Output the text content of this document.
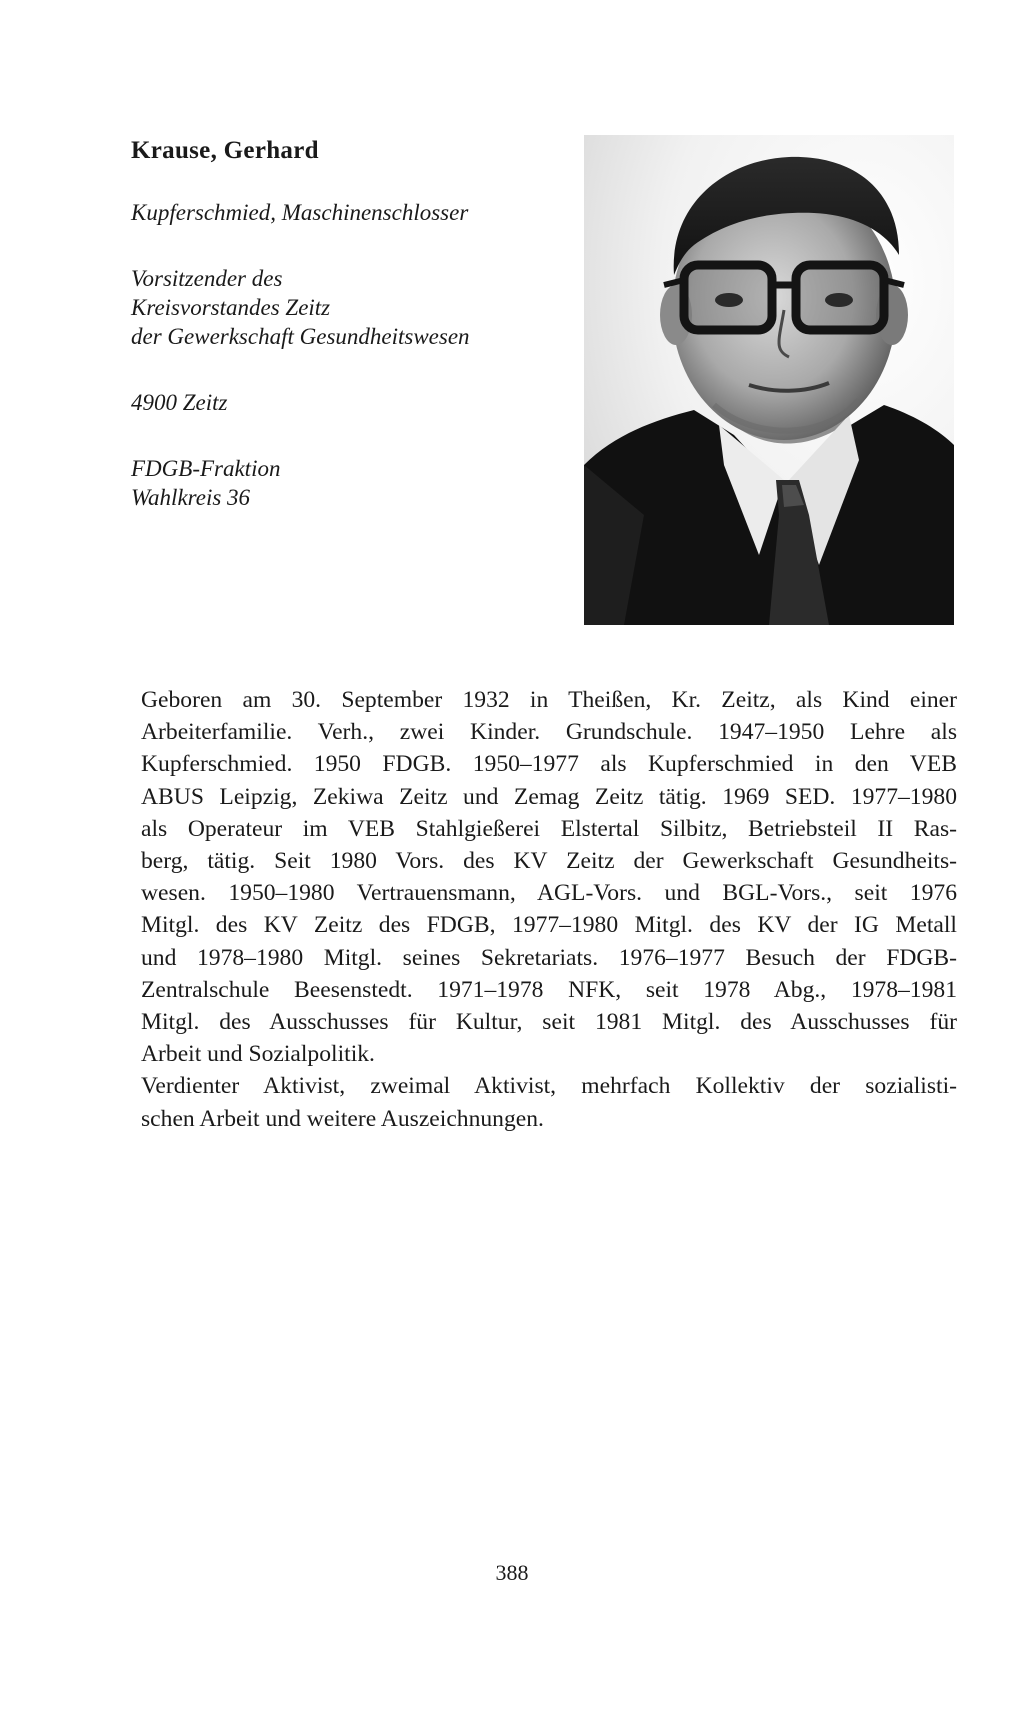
Krause, Gerhard
Kupferschmied, Maschinenschlosser
Vorsitzender des
Kreisvorstandes Zeitz
der Gewerkschaft Gesundheitswesen
4900 Zeitz
FDGB-Fraktion
Wahlkreis 36
Geboren am 30. September 1932 in Theißen, Kr. Zeitz, als Kind einer
Arbeiterfamilie. Verh., zwei Kinder. Grundschule. 1947–1950 Lehre als
Kupferschmied. 1950 FDGB. 1950–1977 als Kupferschmied in den VEB
ABUS Leipzig, Zekiwa Zeitz und Zemag Zeitz tätig. 1969 SED. 1977–1980
als Operateur im VEB Stahlgießerei Elstertal Silbitz, Betriebsteil II Ras-
berg, tätig. Seit 1980 Vors. des KV Zeitz der Gewerkschaft Gesundheits-
wesen. 1950–1980 Vertrauensmann, AGL-Vors. und BGL-Vors., seit 1976
Mitgl. des KV Zeitz des FDGB, 1977–1980 Mitgl. des KV der IG Metall
und 1978–1980 Mitgl. seines Sekretariats. 1976–1977 Besuch der FDGB-
Zentralschule Beesenstedt. 1971–1978 NFK, seit 1978 Abg., 1978–1981
Mitgl. des Ausschusses für Kultur, seit 1981 Mitgl. des Ausschusses für
Arbeit und Sozialpolitik.
Verdienter Aktivist, zweimal Aktivist, mehrfach Kollektiv der sozialisti-
schen Arbeit und weitere Auszeichnungen.
388
